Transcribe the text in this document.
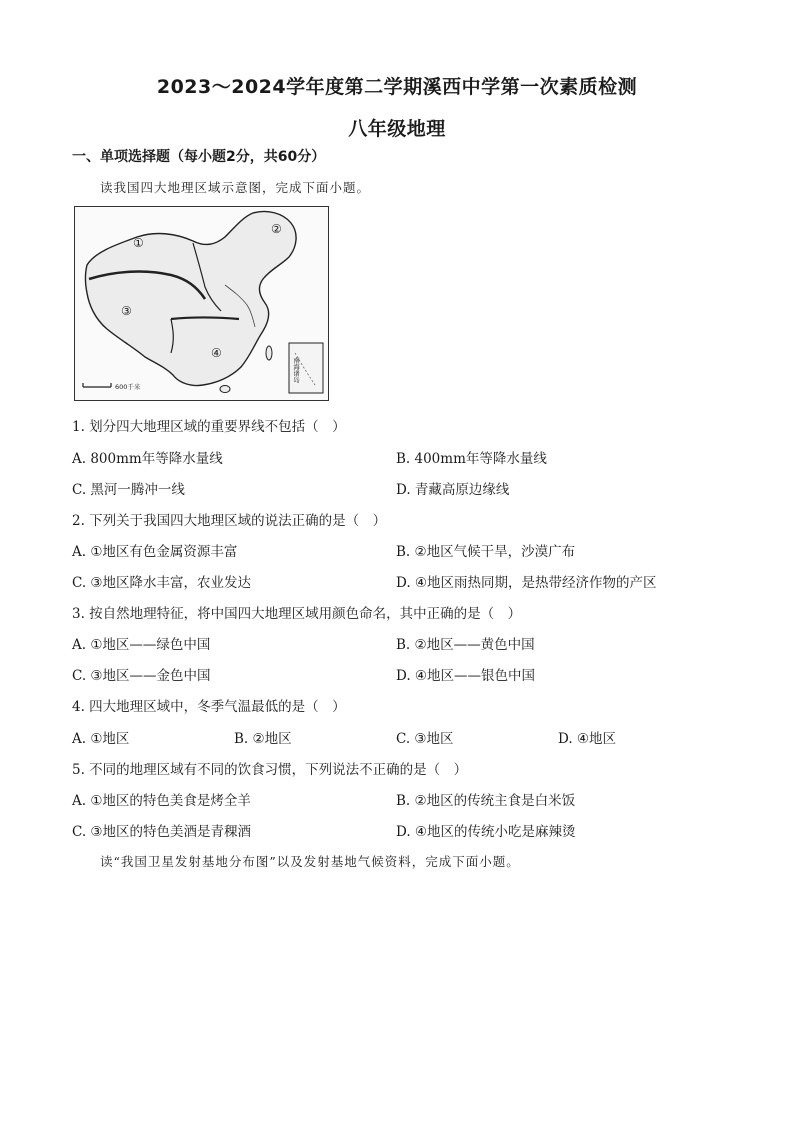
2023～2024学年度第二学期溪西中学第一次素质检测
八年级地理
一、单项选择题（每小题2分，共60分）
读我国四大地理区域示意图，完成下面小题。
南海诸岛
①
②
③
④
600千米
1. 划分四大地理区域的重要界线不包括（　）
A. 800mm年等降水量线	B. 400mm年等降水量线
C. 黑河一腾冲一线	D. 青藏高原边缘线
2. 下列关于我国四大地理区域的说法正确的是（　）
A. ①地区有色金属资源丰富	B. ②地区气候干旱，沙漠广布
C. ③地区降水丰富，农业发达	D. ④地区雨热同期，是热带经济作物的产区
3. 按自然地理特征，将中国四大地理区域用颜色命名，其中正确的是（　）
A. ①地区——绿色中国	B. ②地区——黄色中国
C. ③地区——金色中国	D. ④地区——银色中国
4. 四大地理区域中，冬季气温最低的是（　）
A. ①地区	B. ②地区	C. ③地区	D. ④地区
5. 不同的地理区域有不同的饮食习惯，下列说法不正确的是（　）
A. ①地区的特色美食是烤全羊	B. ②地区的传统主食是白米饭
C. ③地区的特色美酒是青稞酒	D. ④地区的传统小吃是麻辣烫
读“我国卫星发射基地分布图”以及发射基地气候资料，完成下面小题。
